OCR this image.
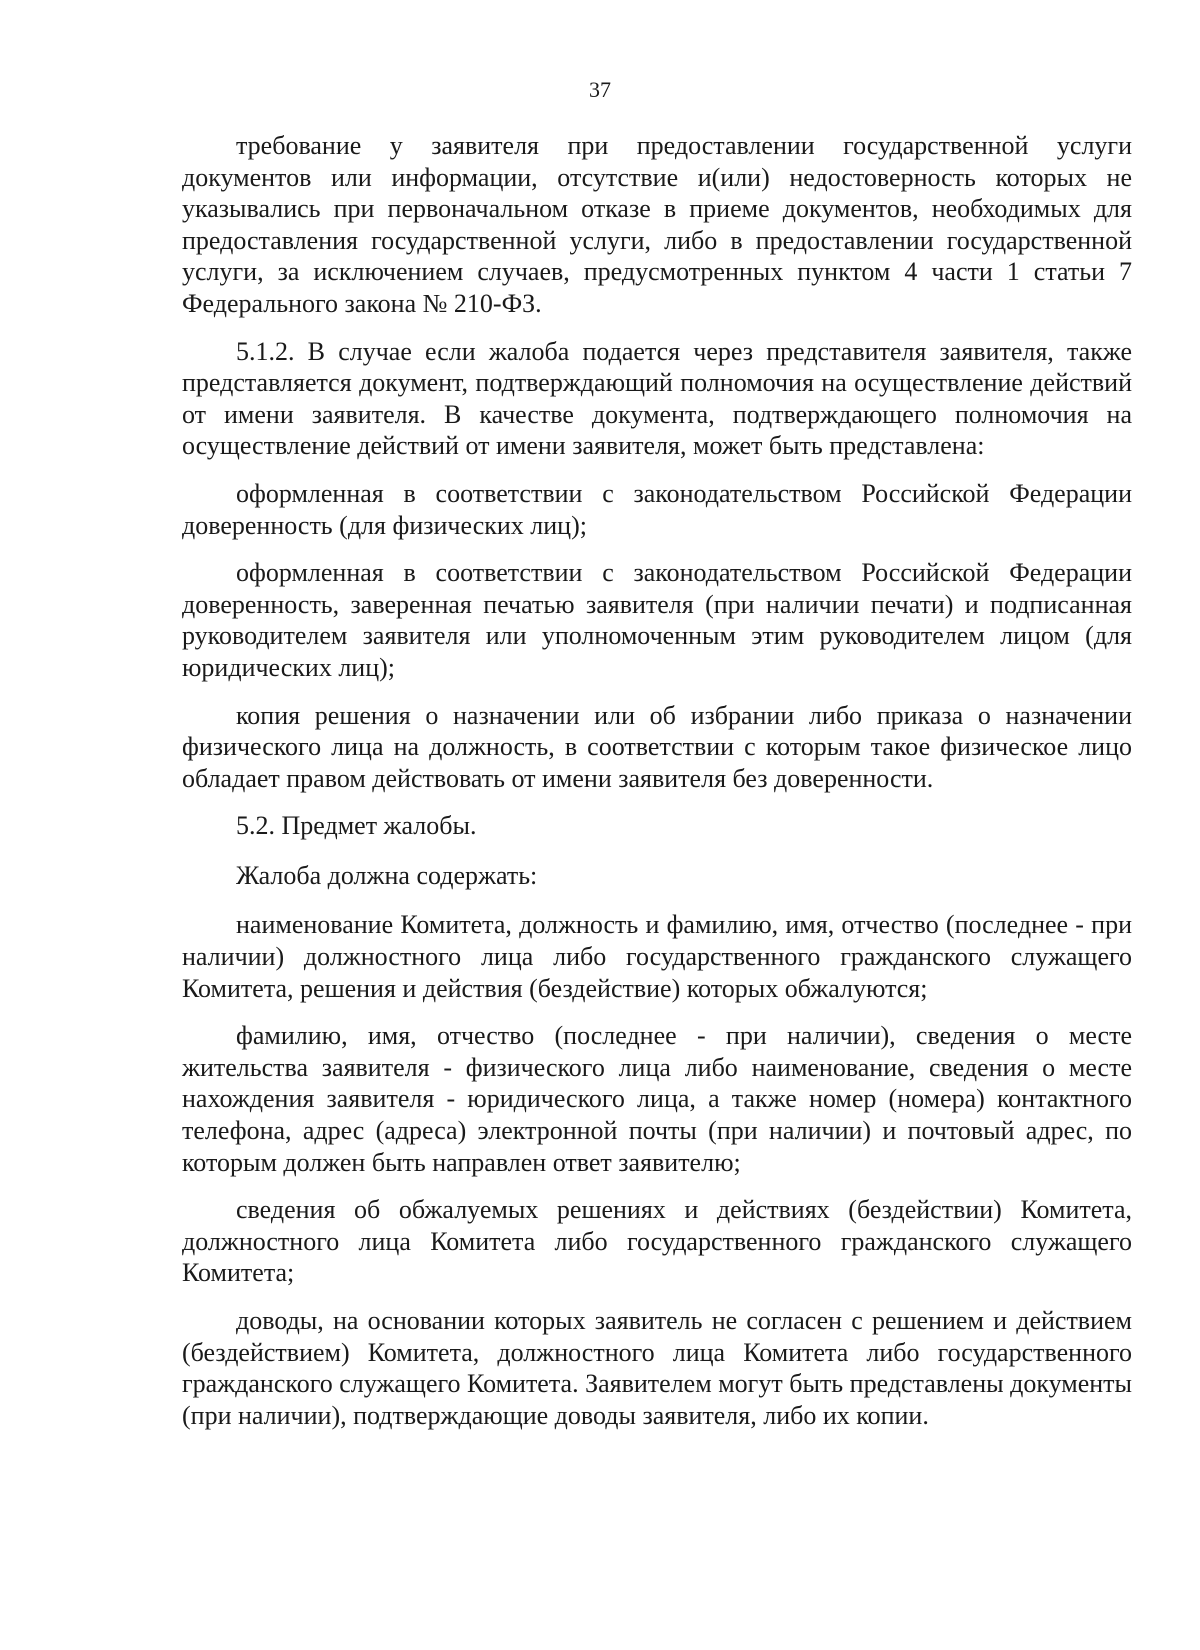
37

требование у заявителя при предоставлении государственной услуги документов или информации, отсутствие и(или) недостоверность которых не указывались при первоначальном отказе в приеме документов, необходимых для предоставления государственной услуги, либо в предоставлении государственной услуги, за исключением случаев, предусмотренных пунктом 4 части 1 статьи 7 Федерального закона № 210-ФЗ.

5.1.2. В случае если жалоба подается через представителя заявителя, также представляется документ, подтверждающий полномочия на осуществление действий от имени заявителя. В качестве документа, подтверждающего полномочия на осуществление действий от имени заявителя, может быть представлена:

оформленная в соответствии с законодательством Российской Федерации доверенность (для физических лиц);

оформленная в соответствии с законодательством Российской Федерации доверенность, заверенная печатью заявителя (при наличии печати) и подписанная руководителем заявителя или уполномоченным этим руководителем лицом (для юридических лиц);

копия решения о назначении или об избрании либо приказа о назначении физического лица на должность, в соответствии с которым такое физическое лицо обладает правом действовать от имени заявителя без доверенности.

5.2. Предмет жалобы.

Жалоба должна содержать:

наименование Комитета, должность и фамилию, имя, отчество (последнее - при наличии) должностного лица либо государственного гражданского служащего Комитета, решения и действия (бездействие) которых обжалуются;

фамилию, имя, отчество (последнее - при наличии), сведения о месте жительства заявителя - физического лица либо наименование, сведения о месте нахождения заявителя - юридического лица, а также номер (номера) контактного телефона, адрес (адреса) электронной почты (при наличии) и почтовый адрес, по которым должен быть направлен ответ заявителю;

сведения об обжалуемых решениях и действиях (бездействии) Комитета, должностного лица Комитета либо государственного гражданского служащего Комитета;

доводы, на основании которых заявитель не согласен с решением и действием (бездействием) Комитета, должностного лица Комитета либо государственного гражданского служащего Комитета. Заявителем могут быть представлены документы (при наличии), подтверждающие доводы заявителя, либо их копии.
